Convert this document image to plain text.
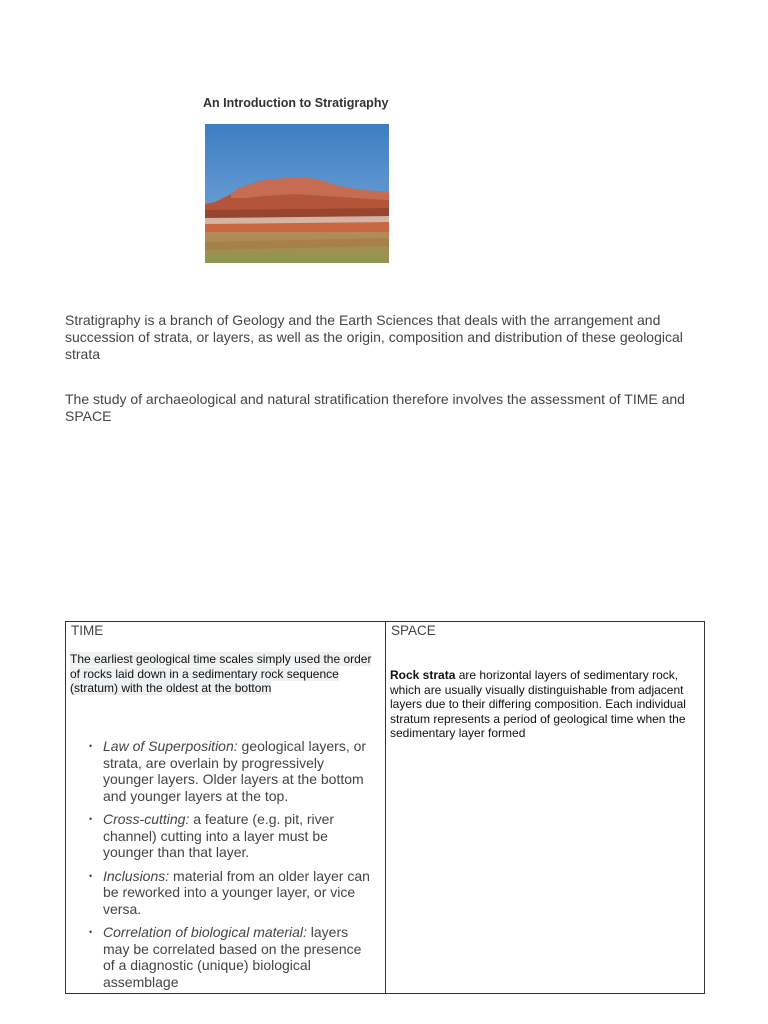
An Introduction to Stratigraphy
Stratigraphy is a branch of Geology and the Earth Sciences that deals with the arrangement and succession of strata, or layers, as well as the origin, composition and distribution of these geological strata
The study of archaeological and natural stratification therefore involves the assessment of TIME and SPACE
TIME
The earliest geological time scales simply used the order of rocks laid down in a sedimentary rock sequence (stratum) with the oldest at the bottom
• Law of Superposition: geological layers, or strata, are overlain by progressively younger layers. Older layers at the bottom and younger layers at the top.
• Cross-cutting: a feature (e.g. pit, river channel) cutting into a layer must be younger than that layer.
• Inclusions: material from an older layer can be reworked into a younger layer, or vice versa.
• Correlation of biological material: layers may be correlated based on the presence of a diagnostic (unique) biological assemblage

SPACE
Rock strata are horizontal layers of sedimentary rock, which are usually visually distinguishable from adjacent layers due to their differing composition. Each individual stratum represents a period of geological time when the sedimentary layer formed
